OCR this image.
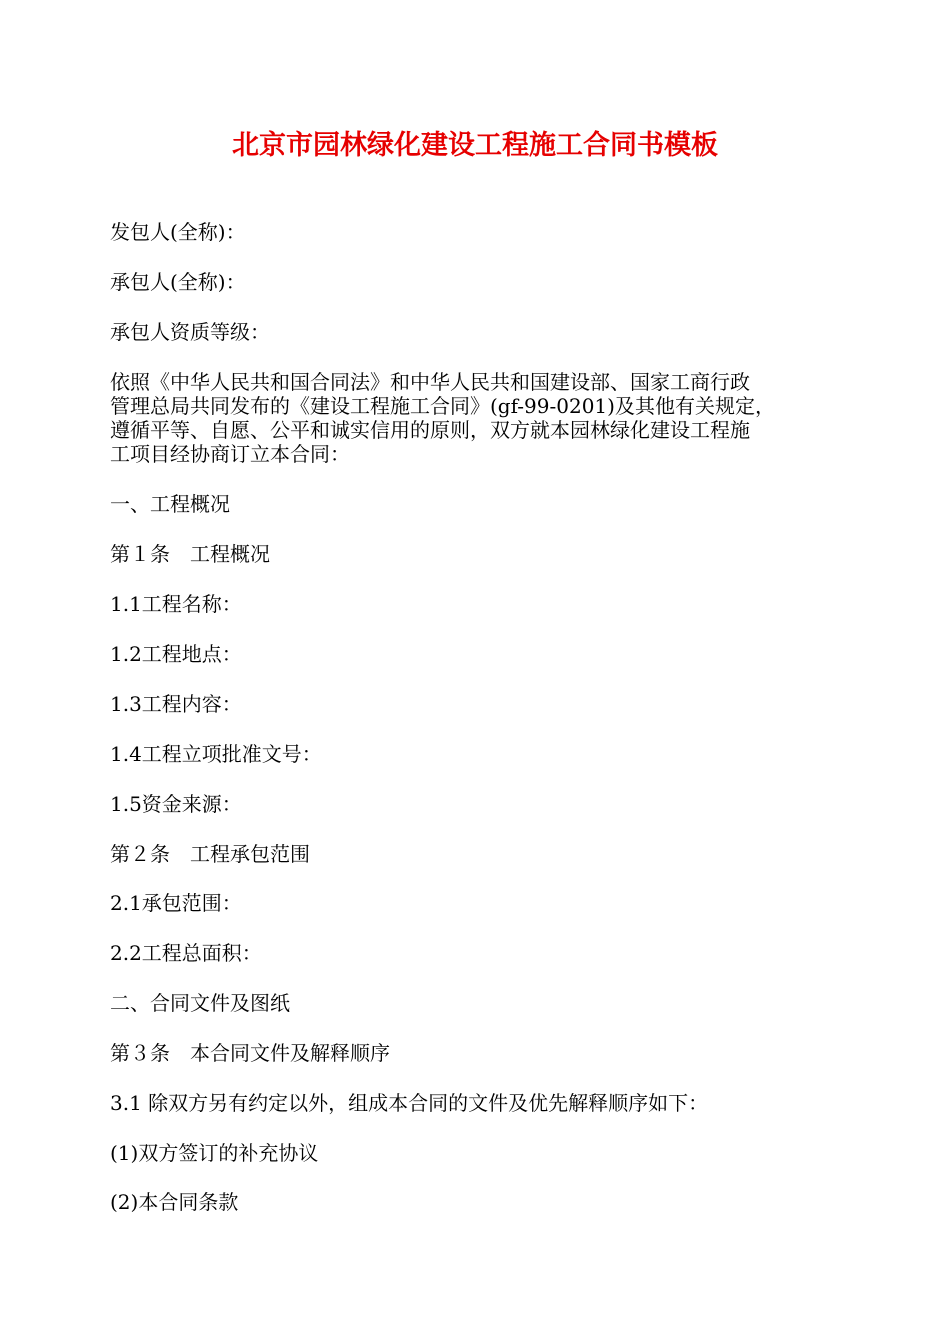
北京市园林绿化建设工程施工合同书模板

发包人(全称)：

承包人(全称)：

承包人资质等级：

依照《中华人民共和国合同法》和中华人民共和国建设部、国家工商行政
管理总局共同发布的《建设工程施工合同》(gf-99-0201)及其他有关规定，
遵循平等、自愿、公平和诚实信用的原则，双方就本园林绿化建设工程施
工项目经协商订立本合同：

一、工程概况

第１条　工程概况

1.1工程名称：

1.2工程地点：

1.3工程内容：

1.4工程立项批准文号：

1.5资金来源：

第２条　工程承包范围

2.1承包范围：

2.2工程总面积：

二、合同文件及图纸

第３条　本合同文件及解释顺序

3.1 除双方另有约定以外，组成本合同的文件及优先解释顺序如下：

(1)双方签订的补充协议

(2)本合同条款
